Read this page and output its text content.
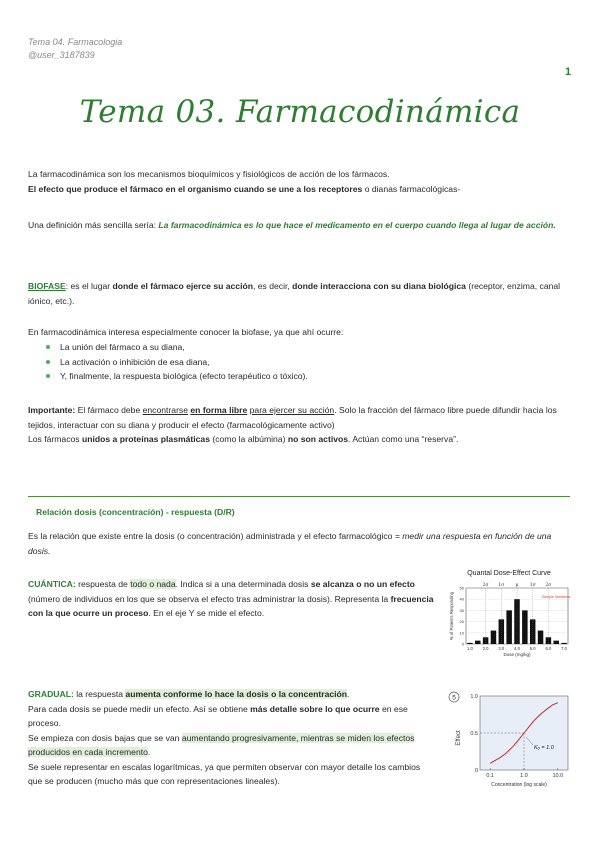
Tema 04. Farmacologia
@user_3187839
1
Tema 03. Farmacodinámica
La farmacodinámica son los mecanismos bioquímicos y fisiológicos de acción de los fármacos.
El efecto que produce el fármaco en el organismo cuando se une a los receptores o dianas farmacológicas-
Una definición más sencilla sería: La farmacodinámica es lo que hace el medicamento en el cuerpo cuando llega al lugar de acción.
BIOFASE: es el lugar donde el fármaco ejerce su acción, es decir, donde interacciona con su diana biológica (receptor, enzima, canal iónico, etc.).
En farmacodinámica interesa especialmente conocer la biofase, ya que ahí ocurre:
La unión del fármaco a su diana,
La activación o inhibición de esa diana,
Y, finalmente, la respuesta biológica (efecto terapéutico o tóxico).
Importante: El fármaco debe encontrarse en forma libre para ejercer su acción. Solo la fracción del fármaco libre puede difundir hacia los tejidos, interactuar con su diana y producir el efecto (farmacológicamente activo)
Los fármacos unidos a proteínas plasmáticas (como la albúmina) no son activos. Actúan como una “reserva”.
Relación dosis (concentración) - respuesta (D/R)
Es la relación que existe entre la dosis (o concentración) administrada y el efecto farmacológico = medir una respuesta en función de una dosis.
CUÁNTICA: respuesta de todo o nada. Indica si a una determinada dosis se alcanza o no un efecto (número de individuos en los que se observa el efecto tras administrar la dosis). Representa la frecuencia con la que ocurre un proceso. En el eje Y se mide el efecto.
Quantal Dose-Effect Curve
% of Patients Responding
Dose (mg/kg)
0
10
20
30
40
50
1.0 2.0 3.0 4.0 5.0 6.0 7.0
2σ 1σ	μ	1σ 2σ
Sample Variations
GRADUAL: la respuesta aumenta conforme lo hace la dosis o la concentración.
Para cada dosis se puede medir un efecto. Así se obtiene más detalle sobre lo que ocurre en ese proceso.
Se empieza con dosis bajas que se van aumentando progresivamente, mientras se miden los efectos producidos en cada incremento.
Se suele representar en escalas logarítmicas, ya que permiten observar con mayor detalle los cambios que se producen (mucho más que con representaciones lineales).
5
Effect
Concentration (log scale)
0
0.5
1.0
0.1	1.0	10.0
Kₒ = 1.0
